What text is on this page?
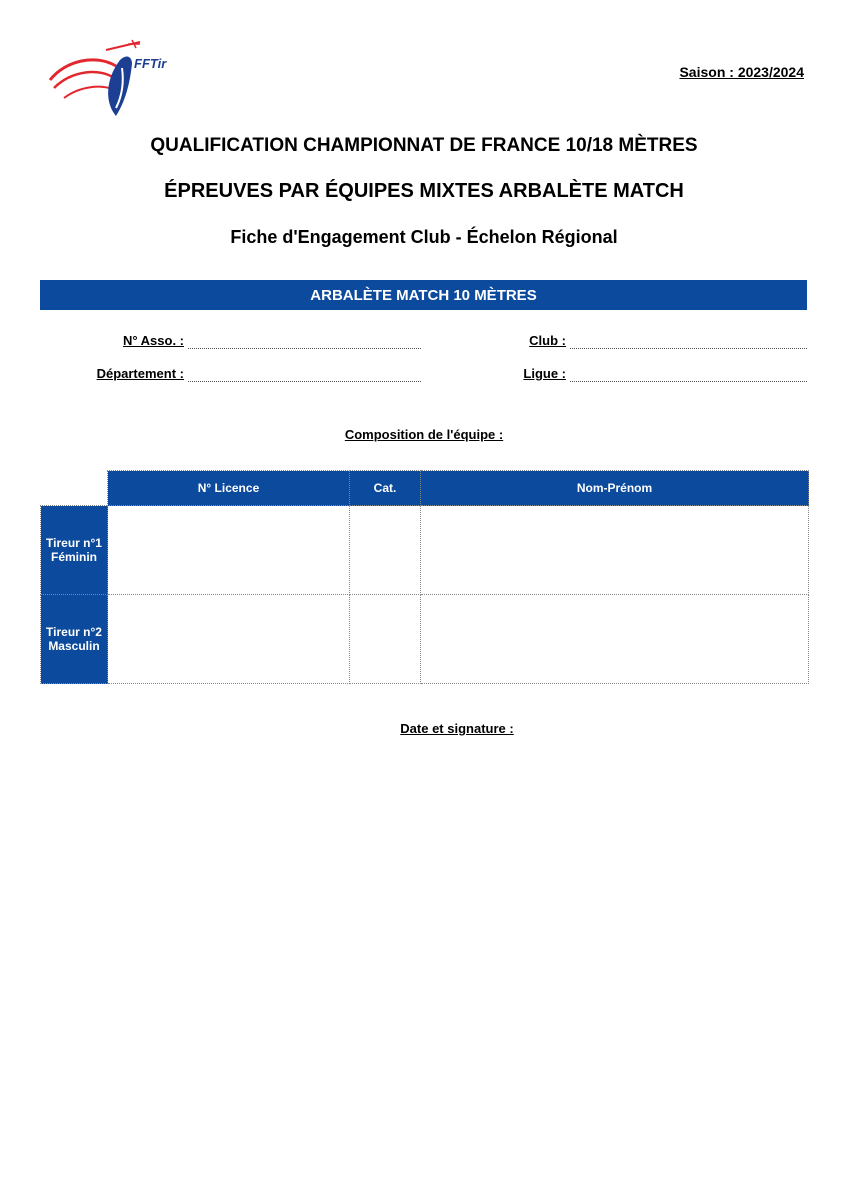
FFTir
Saison : 2023/2024
QUALIFICATION CHAMPIONNAT DE FRANCE 10/18 MÈTRES
ÉPREUVES PAR ÉQUIPES MIXTES ARBALÈTE MATCH
Fiche d'Engagement Club - Échelon Régional
ARBALÈTE MATCH 10 MÈTRES
N° Asso. :	Club :
Département :	Ligue :
Composition de l'équipe :
	N° Licence	Cat.	Nom-Prénom
Tireur n°1
Féminin			
Tireur n°2
Masculin			
Date et signature :
